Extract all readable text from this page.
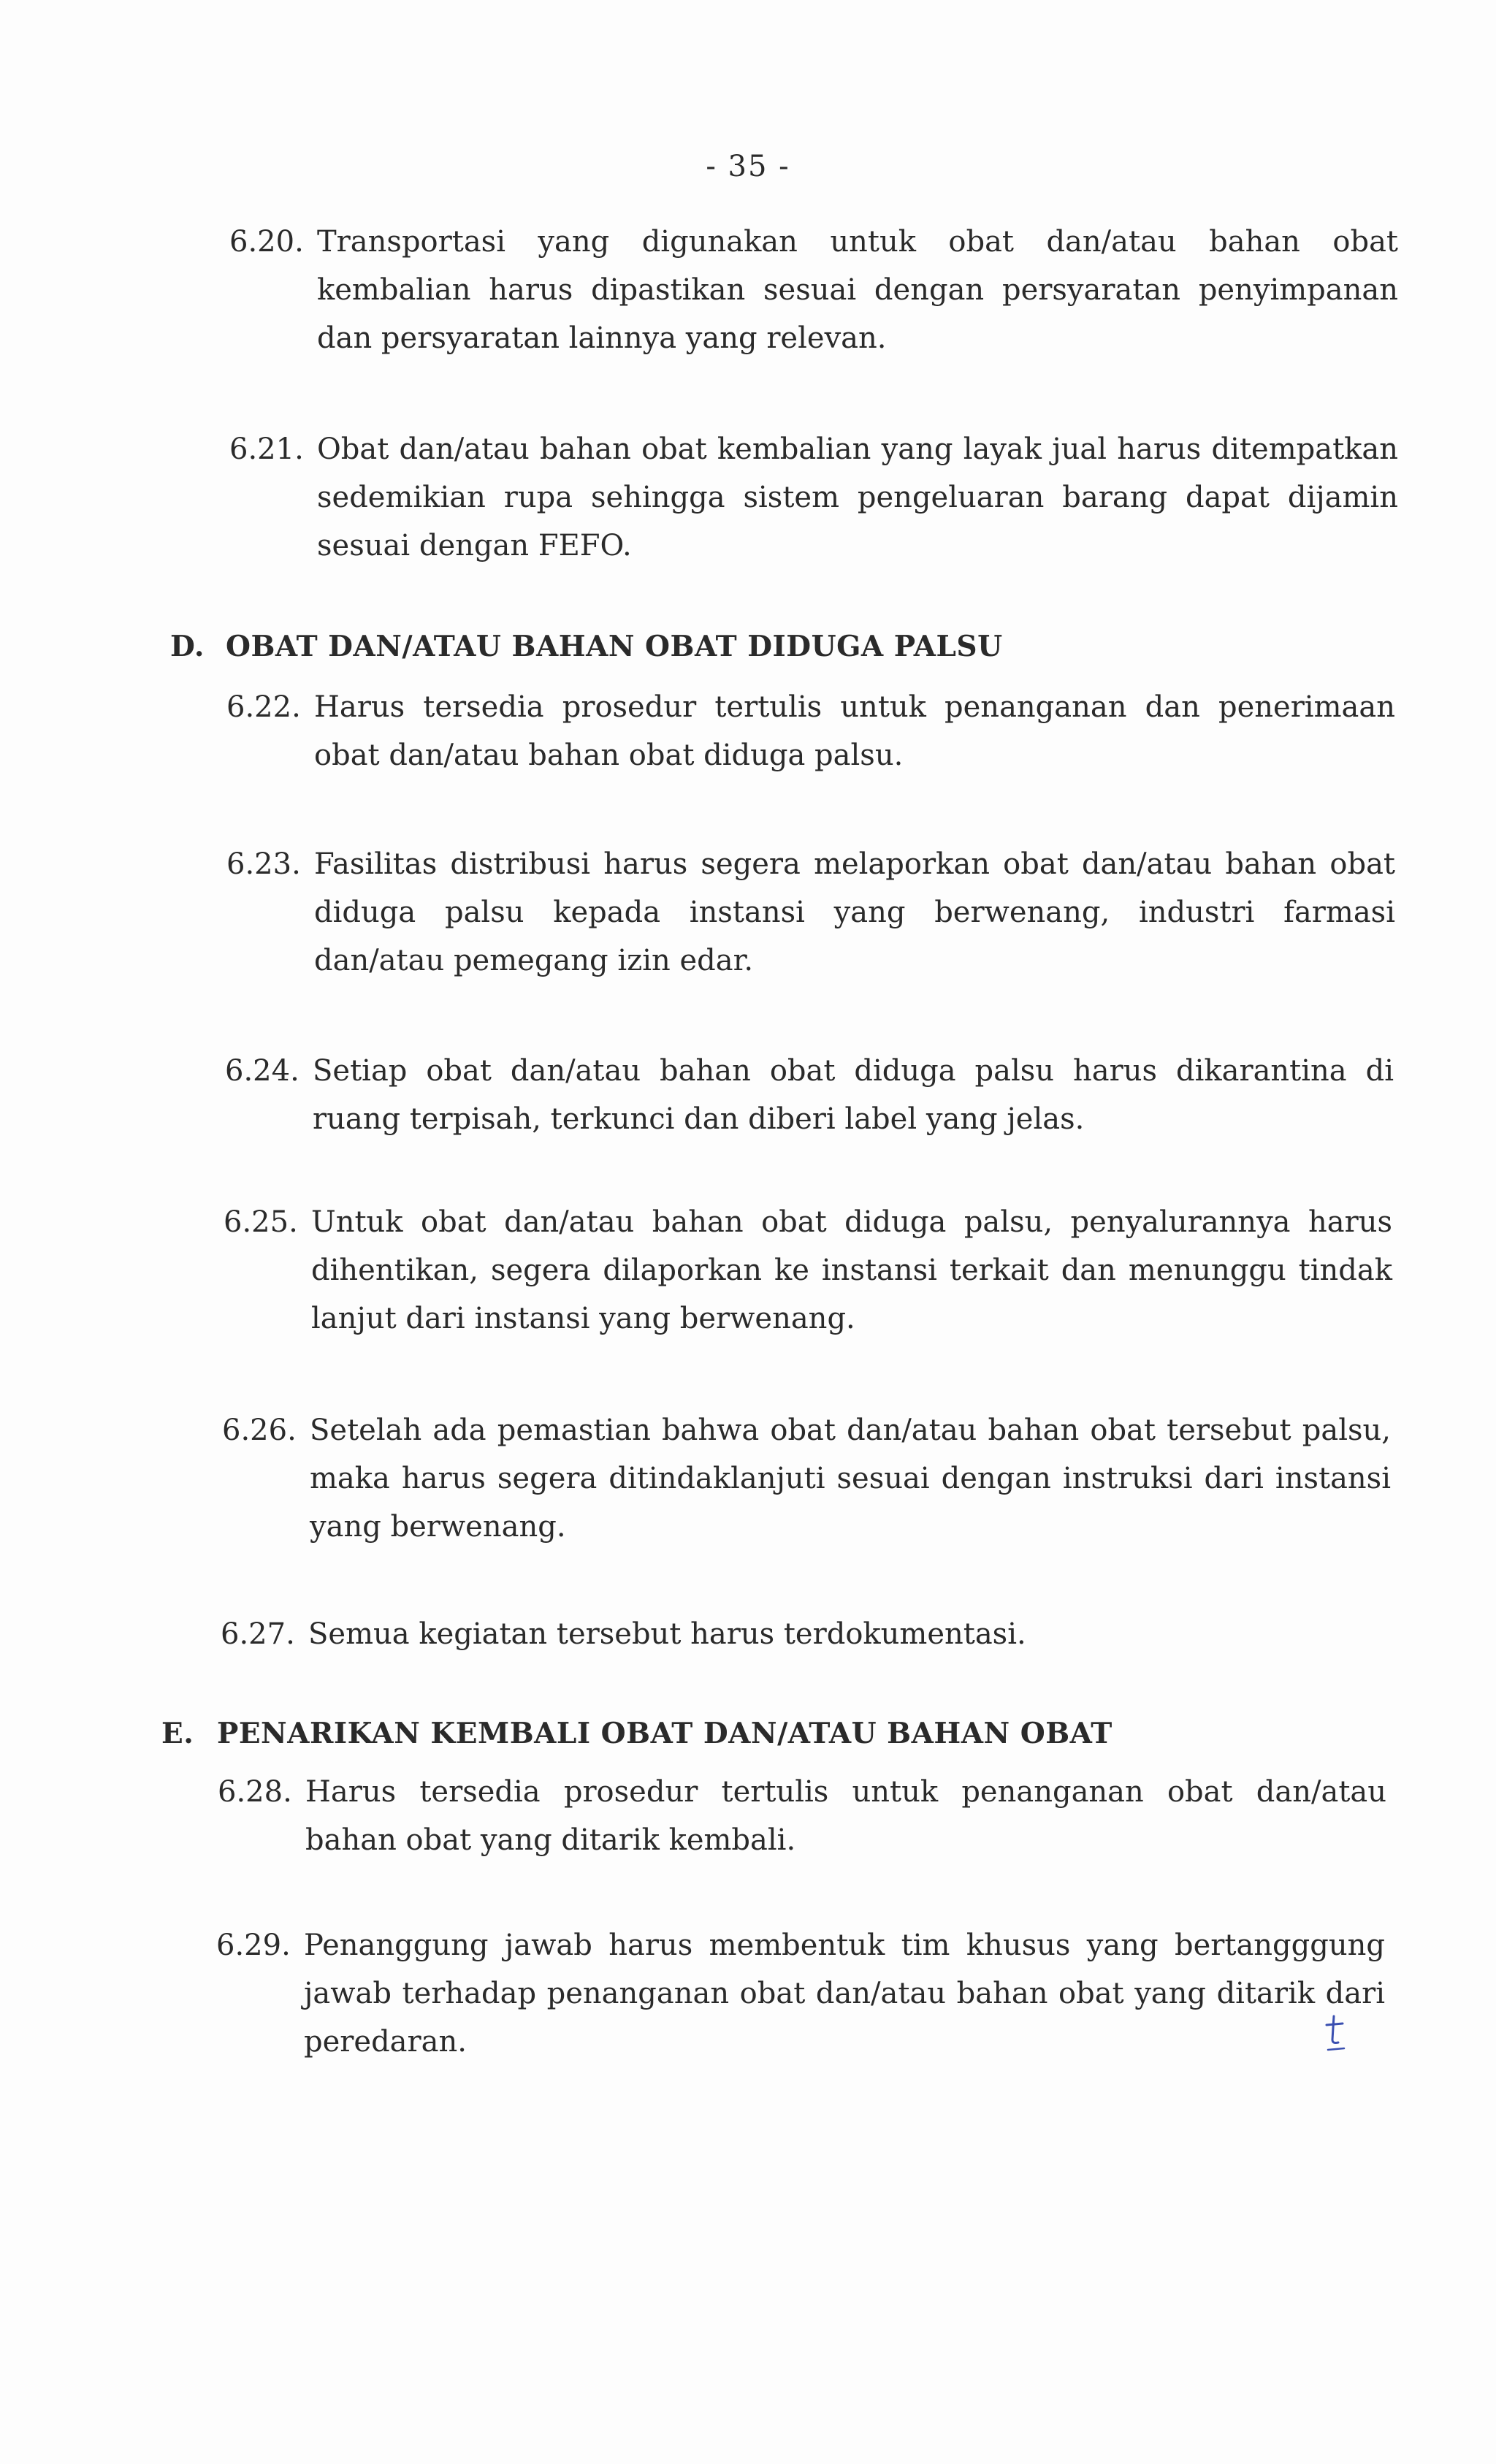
- 35 -
6.20. Transportasi yang digunakan untuk obat dan/atau bahan obat kembalian harus dipastikan sesuai dengan persyaratan penyimpanan dan persyaratan lainnya yang relevan.
6.21. Obat dan/atau bahan obat kembalian yang layak jual harus ditempatkan sedemikian rupa sehingga sistem pengeluaran barang dapat dijamin sesuai dengan FEFO.
D. OBAT DAN/ATAU BAHAN OBAT DIDUGA PALSU
6.22. Harus tersedia prosedur tertulis untuk penanganan dan penerimaan obat dan/atau bahan obat diduga palsu.
6.23. Fasilitas distribusi harus segera melaporkan obat dan/atau bahan obat diduga palsu kepada instansi yang berwenang, industri farmasi dan/atau pemegang izin edar.
6.24. Setiap obat dan/atau bahan obat diduga palsu harus dikarantina di ruang terpisah, terkunci dan diberi label yang jelas.
6.25. Untuk obat dan/atau bahan obat diduga palsu, penyalurannya harus dihentikan, segera dilaporkan ke instansi terkait dan menunggu tindak lanjut dari instansi yang berwenang.
6.26. Setelah ada pemastian bahwa obat dan/atau bahan obat tersebut palsu, maka harus segera ditindaklanjuti sesuai dengan instruksi dari instansi yang berwenang.
6.27. Semua kegiatan tersebut harus terdokumentasi.
E. PENARIKAN KEMBALI OBAT DAN/ATAU BAHAN OBAT
6.28. Harus tersedia prosedur tertulis untuk penanganan obat dan/atau bahan obat yang ditarik kembali.
6.29. Penanggung jawab harus membentuk tim khusus yang bertangggung jawab terhadap penanganan obat dan/atau bahan obat yang ditarik dari peredaran.
